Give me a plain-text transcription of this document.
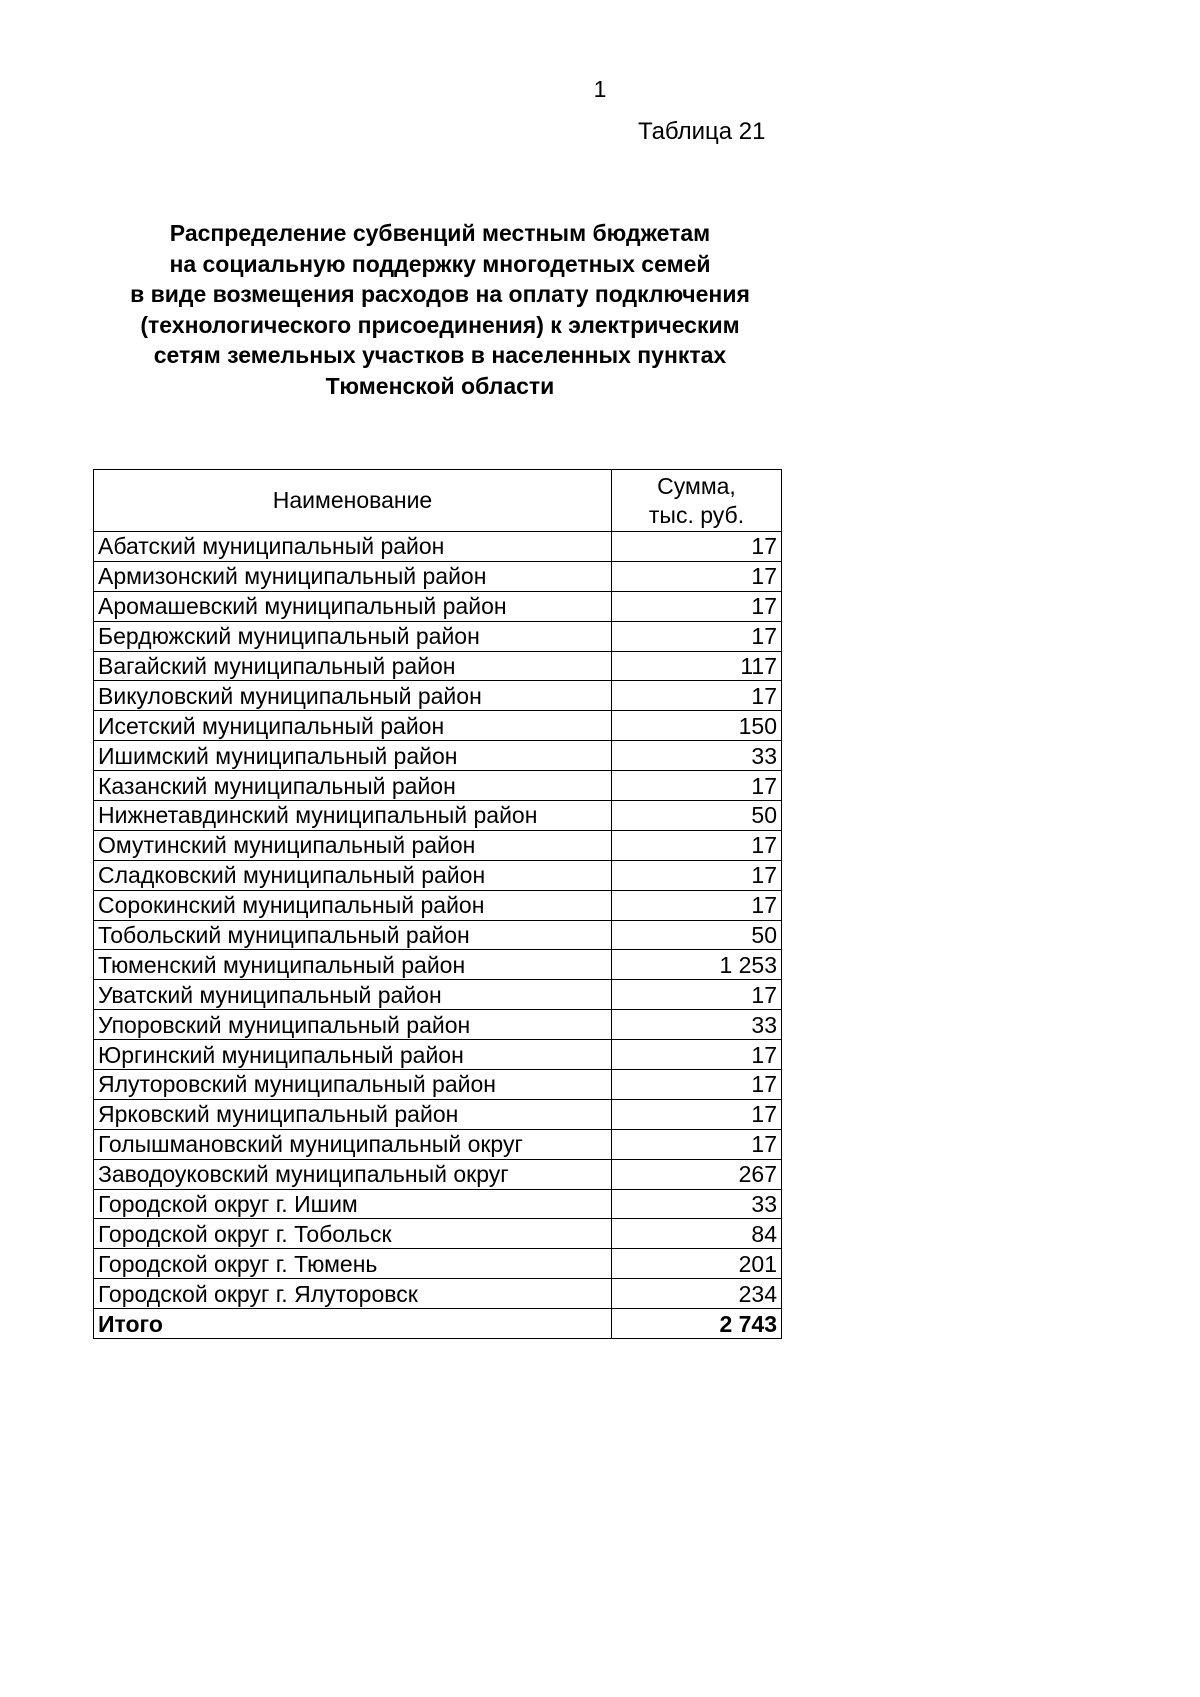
1
Таблица 21
Распределение субвенций местным бюджетам
на социальную поддержку многодетных семей
в виде возмещения расходов на оплату подключения
(технологического присоединения) к электрическим
сетям земельных участков в населенных пунктах
Тюменской области
Наименование	Сумма,
тыс. руб.

Абатский муниципальный район	17
Армизонский муниципальный район	17
Аромашевский муниципальный район	17
Бердюжский муниципальный район	17
Вагайский муниципальный район	117
Викуловский муниципальный район	17
Исетский муниципальный район	150
Ишимский муниципальный район	33
Казанский муниципальный район	17
Нижнетавдинский муниципальный район	50
Омутинский муниципальный район	17
Сладковский муниципальный район	17
Сорокинский муниципальный район	17
Тобольский муниципальный район	50
Тюменский муниципальный район	1 253
Уватский муниципальный район	17
Упоровский муниципальный район	33
Юргинский муниципальный район	17
Ялуторовский муниципальный район	17
Ярковский муниципальный район	17
Голышмановский муниципальный округ	17
Заводоуковский муниципальный округ	267
Городской округ г. Ишим	33
Городской округ г. Тобольск	84
Городской округ г. Тюмень	201
Городской округ г. Ялуторовск	234
Итого	2 743
